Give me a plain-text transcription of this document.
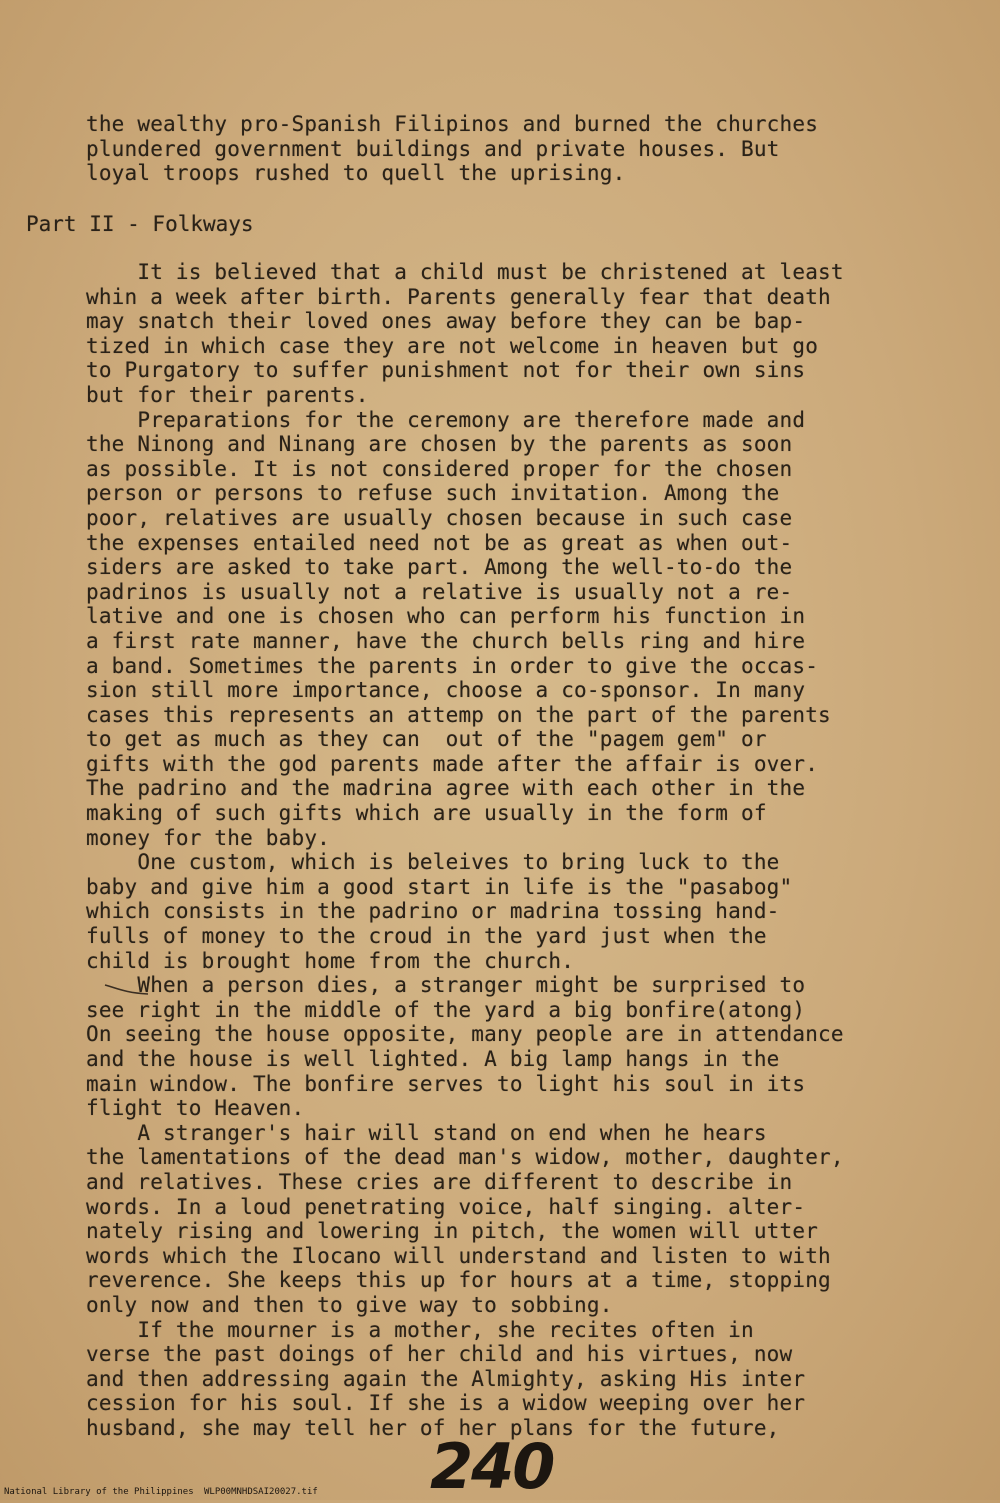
the wealthy pro-Spanish Filipinos and burned the churches
plundered government buildings and private houses. But
loyal troops rushed to quell the uprising.
Part II - Folkways
It is believed that a child must be christened at least
whin a week after birth. Parents generally fear that death
may snatch their loved ones away before they can be bap-
tized in which case they are not welcome in heaven but go
to Purgatory to suffer punishment not for their own sins
but for their parents.
Preparations for the ceremony are therefore made and
the Ninong and Ninang are chosen by the parents as soon
as possible. It is not considered proper for the chosen
person or persons to refuse such invitation. Among the
poor, relatives are usually chosen because in such case
the expenses entailed need not be as great as when out-
siders are asked to take part. Among the well-to-do the
padrinos is usually not a relative is usually not a re-
lative and one is chosen who can perform his function in
a first rate manner, have the church bells ring and hire
a band. Sometimes the parents in order to give the occas-
sion still more importance, choose a co-sponsor. In many
cases this represents an attemp on the part of the parents
to get as much as they can  out of the "pagem gem" or
gifts with the god parents made after the affair is over.
The padrino and the madrina agree with each other in the
making of such gifts which are usually in the form of
money for the baby.
One custom, which is beleives to bring luck to the
baby and give him a good start in life is the "pasabog"
which consists in the padrino or madrina tossing hand-
fulls of money to the croud in the yard just when the
child is brought home from the church.
When a person dies, a stranger might be surprised to
see right in the middle of the yard a big bonfire(atong)
On seeing the house opposite, many people are in attendance
and the house is well lighted. A big lamp hangs in the
main window. The bonfire serves to light his soul in its
flight to Heaven.
A stranger's hair will stand on end when he hears
the lamentations of the dead man's widow, mother, daughter,
and relatives. These cries are different to describe in
words. In a loud penetrating voice, half singing. alter-
nately rising and lowering in pitch, the women will utter
words which the Ilocano will understand and listen to with
reverence. She keeps this up for hours at a time, stopping
only now and then to give way to sobbing.
If the mourner is a mother, she recites often in
verse the past doings of her child and his virtues, now
and then addressing again the Almighty, asking His inter
cession for his soul. If she is a widow weeping over her
husband, she may tell her of her plans for the future,
240
National Library of the Philippines WLP00MNHDSAI20027.tif
